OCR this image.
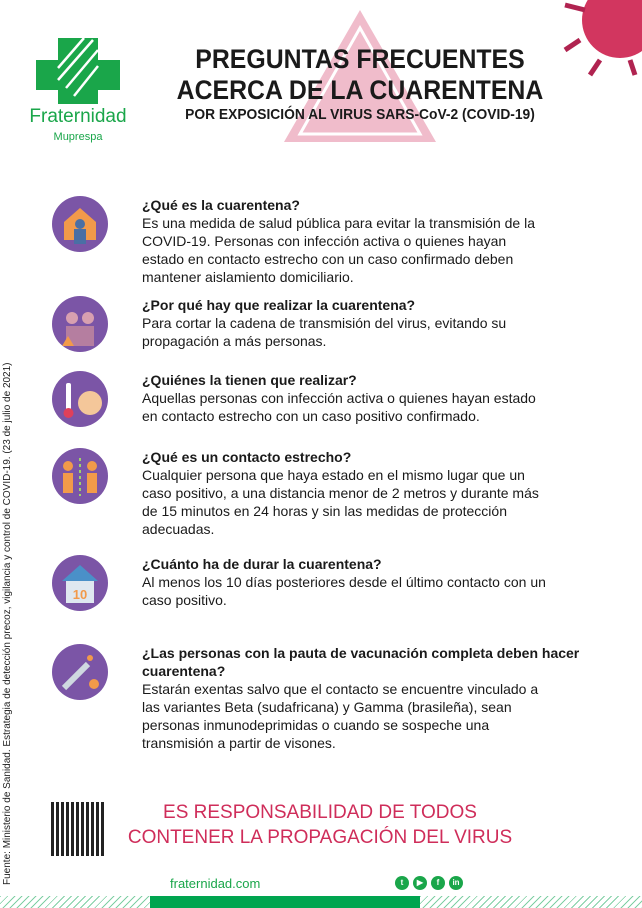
Fraternidad
Muprespa
PREGUNTAS FRECUENTES
ACERCA DE LA CUARENTENA
POR EXPOSICIÓN AL VIRUS SARS-CoV-2 (COVID-19)
¿Qué es la cuarentena?
Es una medida de salud pública para evitar la transmisión de la
COVID-19. Personas con infección activa o quienes hayan
estado en contacto estrecho con un caso confirmado deben
mantener aislamiento domiciliario.
¿Por qué hay que realizar la cuarentena?
Para cortar la cadena de transmisión del virus, evitando su
propagación a más personas.
¿Quiénes la tienen que realizar?
Aquellas personas con infección activa o quienes hayan estado
en contacto estrecho con un caso positivo confirmado.
¿Qué es un contacto estrecho?
Cualquier persona que haya estado en el mismo lugar que un
caso positivo, a una distancia menor de 2 metros y durante más
de 15 minutos en 24 horas y sin las medidas de protección
adecuadas.
10
¿Cuánto ha de durar la cuarentena?
Al menos los 10 días posteriores desde el último contacto con un
caso positivo.
¿Las personas con la pauta de vacunación completa deben hacer cuarentena?
Estarán exentas salvo que el contacto se encuentre vinculado a
las variantes Beta (sudafricana) y Gamma (brasileña), sean
personas inmunodeprimidas o cuando se sospeche una
transmisión a partir de visones.
Fuente: Ministerio de Sanidad. Estrategia de detección precoz, vigilancia y control de COVID-19. (23 de julio de 2021)	ES RESPONSABILIDAD DE TODOS
CONTENER LA PROPAGACIÓN DEL VIRUS
fraternidad.com	t	▶	f	in
